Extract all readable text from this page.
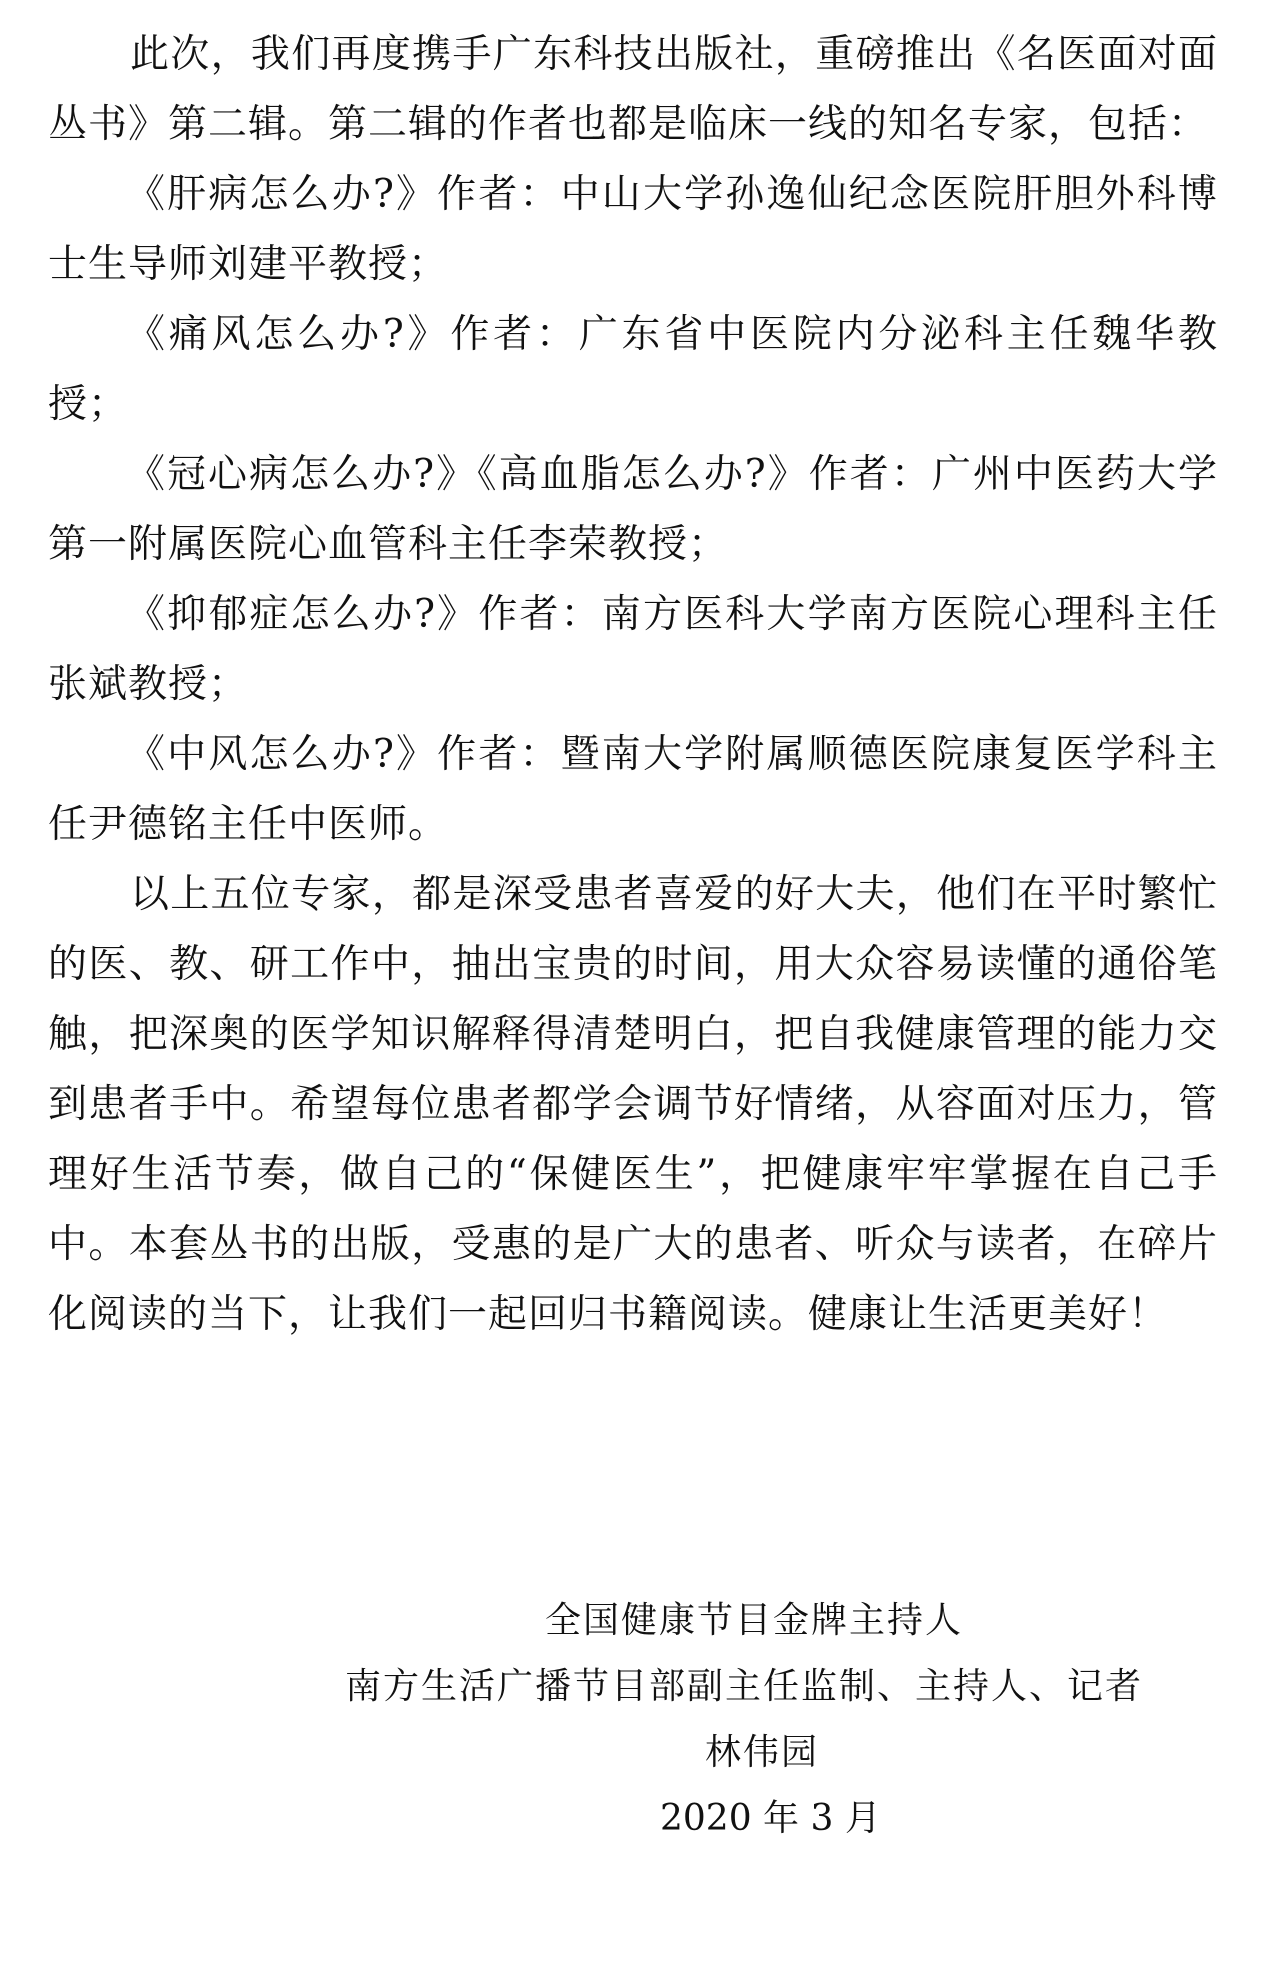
此次，我们再度携手广东科技出版社，重磅推出《名医面对面丛书》第二辑。第二辑的作者也都是临床一线的知名专家，包括：

《肝病怎么办?》作者：中山大学孙逸仙纪念医院肝胆外科博士生导师刘建平教授；

《痛风怎么办?》作者：广东省中医院内分泌科主任魏华教授；

《冠心病怎么办?》《高血脂怎么办?》作者：广州中医药大学第一附属医院心血管科主任李荣教授；

《抑郁症怎么办?》作者：南方医科大学南方医院心理科主任张斌教授；

《中风怎么办?》作者：暨南大学附属顺德医院康复医学科主任尹德铭主任中医师。

以上五位专家，都是深受患者喜爱的好大夫，他们在平时繁忙的医、教、研工作中，抽出宝贵的时间，用大众容易读懂的通俗笔触，把深奥的医学知识解释得清楚明白，把自我健康管理的能力交到患者手中。希望每位患者都学会调节好情绪，从容面对压力，管理好生活节奏，做自己的“保健医生”，把健康牢牢掌握在自己手中。本套丛书的出版，受惠的是广大的患者、听众与读者，在碎片化阅读的当下，让我们一起回归书籍阅读。健康让生活更美好！

全国健康节目金牌主持人
南方生活广播节目部副主任监制、主持人、记者
林伟园
2020 年 3 月
